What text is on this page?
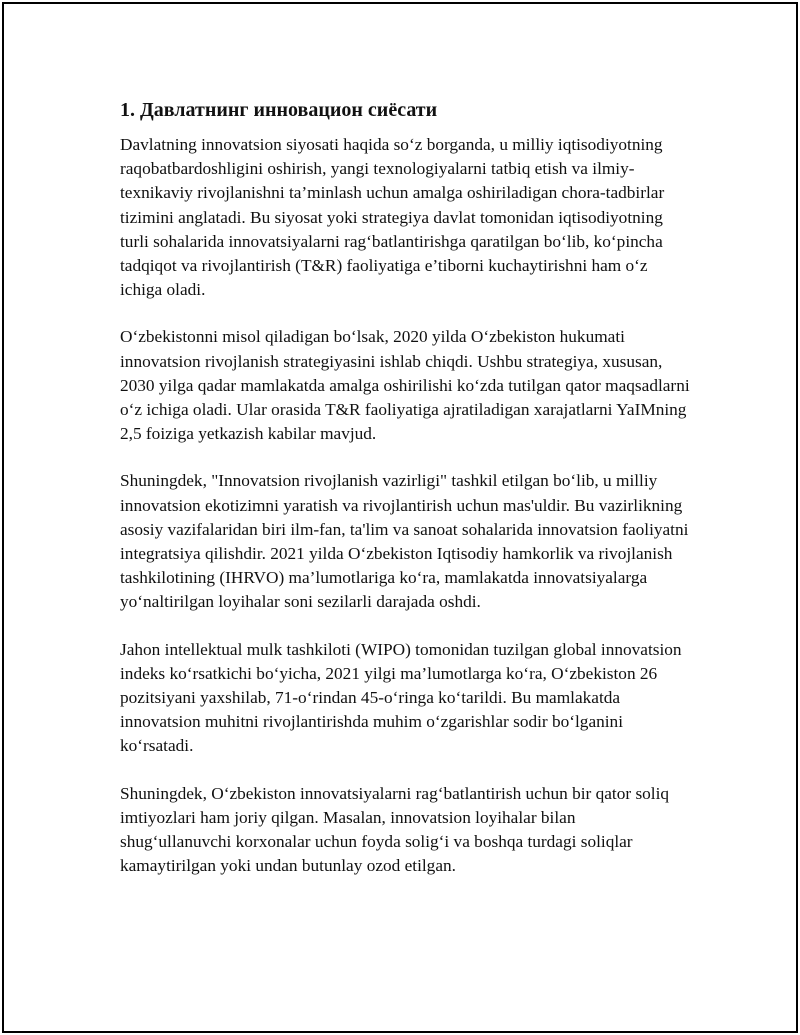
1. Давлатнинг инновацион сиёсати

Davlatning innovatsion siyosati haqida so‘z borganda, u milliy iqtisodiyotning raqobatbardoshligini oshirish, yangi texnologiyalarni tatbiq etish va ilmiy-texnikaviy rivojlanishni ta’minlash uchun amalga oshiriladigan chora-tadbirlar tizimini anglatadi. Bu siyosat yoki strategiya davlat tomonidan iqtisodiyotning turli sohalarida innovatsiyalarni rag‘batlantirishga qaratilgan bo‘lib, ko‘pincha tadqiqot va rivojlantirish (T&R) faoliyatiga e’tiborni kuchaytirishni ham o‘z ichiga oladi.

O‘zbekistonni misol qiladigan bo‘lsak, 2020 yilda O‘zbekiston hukumati innovatsion rivojlanish strategiyasini ishlab chiqdi. Ushbu strategiya, xususan, 2030 yilga qadar mamlakatda amalga oshirilishi ko‘zda tutilgan qator maqsadlarni o‘z ichiga oladi. Ular orasida T&R faoliyatiga ajratiladigan xarajatlarni YaIMning 2,5 foiziga yetkazish kabilar mavjud.

Shuningdek, "Innovatsion rivojlanish vazirligi" tashkil etilgan bo‘lib, u milliy innovatsion ekotizimni yaratish va rivojlantirish uchun mas'uldir. Bu vazirlikning asosiy vazifalaridan biri ilm-fan, ta'lim va sanoat sohalarida innovatsion faoliyatni integratsiya qilishdir. 2021 yilda O‘zbekiston Iqtisodiy hamkorlik va rivojlanish tashkilotining (IHRVO) ma’lumotlariga ko‘ra, mamlakatda innovatsiyalarga yo‘naltirilgan loyihalar soni sezilarli darajada oshdi.

Jahon intellektual mulk tashkiloti (WIPO) tomonidan tuzilgan global innovatsion indeks ko‘rsatkichi bo‘yicha, 2021 yilgi ma’lumotlarga ko‘ra, O‘zbekiston 26 pozitsiyani yaxshilab, 71-o‘rindan 45-o‘ringa ko‘tarildi. Bu mamlakatda innovatsion muhitni rivojlantirishda muhim o‘zgarishlar sodir bo‘lganini ko‘rsatadi.

Shuningdek, O‘zbekiston innovatsiyalarni rag‘batlantirish uchun bir qator soliq imtiyozlari ham joriy qilgan. Masalan, innovatsion loyihalar bilan shug‘ullanuvchi korxonalar uchun foyda solig‘i va boshqa turdagi soliqlar kamaytirilgan yoki undan butunlay ozod etilgan.
